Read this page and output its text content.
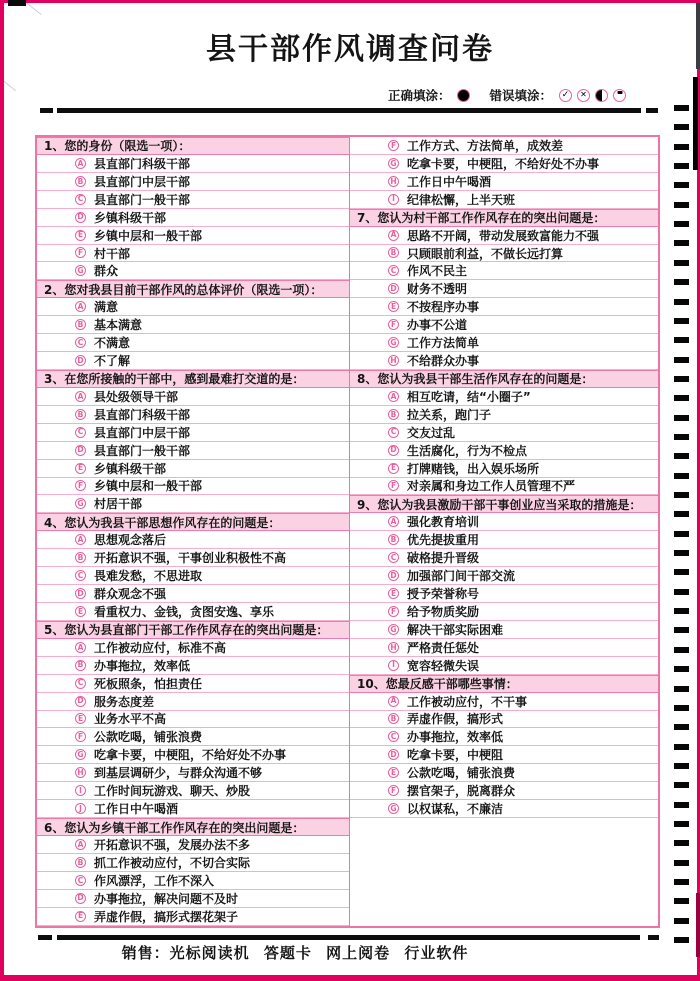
县干部作风调查问卷
正确填涂：	错误填涂：
✓
✕
1、您的身份（限选一项）：
A 县直部门科级干部
B 县直部门中层干部
C 县直部门一般干部
D 乡镇科级干部
E 乡镇中层和一般干部
F 村干部
G 群众
2、您对我县目前干部作风的总体评价（限选一项）：
A 满意
B 基本满意
C 不满意
D 不了解
3、在您所接触的干部中，感到最难打交道的是：
A 县处级领导干部
B 县直部门科级干部
C 县直部门中层干部
D 县直部门一般干部
E 乡镇科级干部
F 乡镇中层和一般干部
G 村居干部
4、您认为我县干部思想作风存在的问题是：
A 思想观念落后
B 开拓意识不强，干事创业积极性不高
C 畏难发愁，不思进取
D 群众观念不强
E 看重权力、金钱，贪图安逸、享乐
5、您认为县直部门干部工作作风存在的突出问题是：
A 工作被动应付，标准不高
B 办事拖拉，效率低
C 死板照条，怕担责任
D 服务态度差
E 业务水平不高
F 公款吃喝，铺张浪费
G 吃拿卡要，中梗阻，不给好处不办事
H 到基层调研少，与群众沟通不够
I	工作时间玩游戏、聊天、炒股
J	工作日中午喝酒
6、您认为乡镇干部工作作风存在的突出问题是：
A 开拓意识不强，发展办法不多
B 抓工作被动应付，不切合实际
C 作风漂浮，工作不深入
D 办事拖拉，解决问题不及时
E 弄虚作假，搞形式摆花架子
F 工作方式、方法简单，成效差
G 吃拿卡要，中梗阻，不给好处不办事
H 工作日中午喝酒
I	纪律松懈，上半天班
7、您认为村干部工作作风存在的突出问题是：
A 思路不开阔，带动发展致富能力不强
B 只顾眼前利益，不做长远打算
C 作风不民主
D 财务不透明
E 不按程序办事
F 办事不公道
G 工作方法简单
H 不给群众办事
8、您认为我县干部生活作风存在的问题是：
A 相互吃请，结“小圈子”
B 拉关系，跑门子
C 交友过乱
D 生活腐化，行为不检点
E 打牌赌钱，出入娱乐场所
F 对亲属和身边工作人员管理不严
9、您认为我县激励干部干事创业应当采取的措施是：
A 强化教育培训
B 优先提拔重用
C 破格提升晋级
D 加强部门间干部交流
E 授予荣誉称号
F 给予物质奖励
G 解决干部实际困难
H 严格责任惩处
I	宽容轻微失误
10、您最反感干部哪些事情：
A 工作被动应付，不干事
B 弄虚作假，搞形式
C 办事拖拉，效率低
D 吃拿卡要，中梗阻
E 公款吃喝，铺张浪费
F 摆官架子，脱离群众
G 以权谋私，不廉洁
销售：光标阅读机 答题卡 网上阅卷 行业软件
